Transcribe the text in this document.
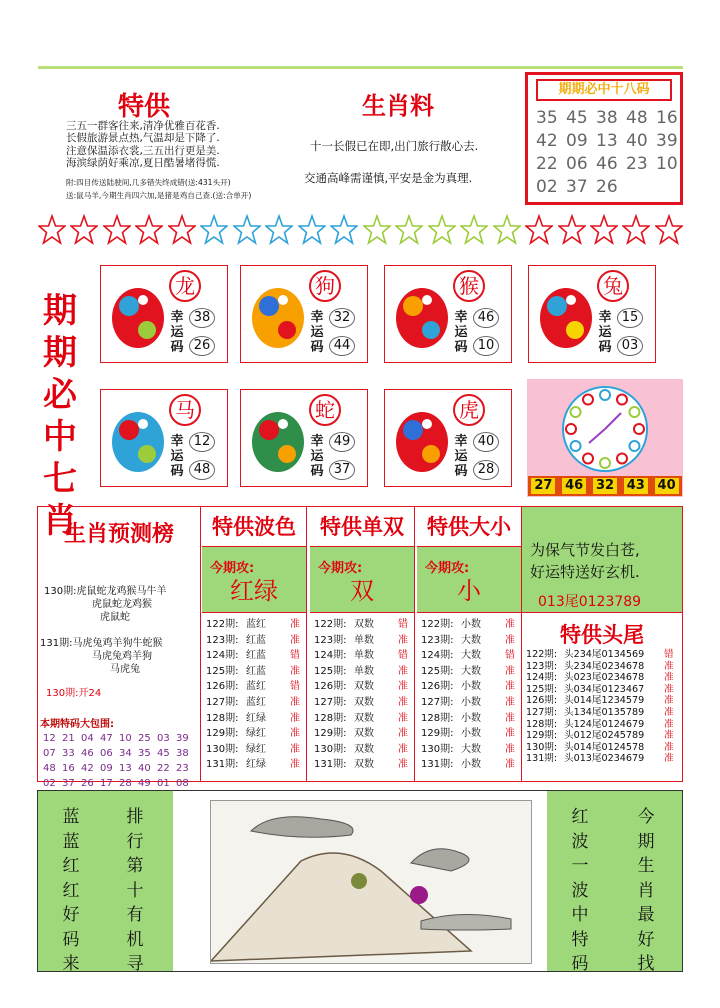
特供
三五一群客往来,清净优雅百花香.
长假旅游景点热,气温却是下降了.
注意保温添衣裳,三五出行更是美.
海滨绿荫好乘凉,夏日酷暑堵得慌.
附:四目传送陆驶间,几多错失终成错(送:431头开)
送:鼠马羊,今期生肖四六加,是猪是鸡自己查.(送:合单开)
生肖料
十一长假已在即,出门旅行散心去.
交通高峰需谨慎,平安是金为真理.
期期必中十八码
35 45 38 48 16
42 09 13 40 39
22 06 46 23 10
02 37 26
期
期
必
中
七
肖
龙
幸
运
码
38
26
狗
幸
运
码
32
44
猴
幸
运
码
46
10
兔
幸
运
码
15
03
马
幸
运
码
12
48
蛇
幸
运
码
49
37
虎
幸
运
码
40
28
27 46 32 43 40
生肖预测榜
130期:虎鼠蛇龙鸡猴马牛羊
虎鼠蛇龙鸡猴
虎鼠蛇
131期:马虎兔鸡羊狗牛蛇猴
马虎兔鸡羊狗
马虎兔
130期:开24
本期特码大包围:
12 21 04 47 10 25 03 39
07 33 46 06 34 35 45 38
48 16 42 09 13 40 22 23
02 37 26 17 28 49 01 08
特供波色
今期攻:
红绿
122期: 蓝红	准
123期: 红蓝	准
124期: 红蓝	错
125期: 红蓝	准
126期: 蓝红	错
127期: 蓝红	准
128期: 红绿	准
129期: 绿红	准
130期: 绿红	准
131期: 红绿	准
特供单双
今期攻:
双
122期: 双数	错
123期: 单数	准
124期: 单数	错
125期: 单数	准
126期: 双数	准
127期: 双数	准
128期: 双数	准
129期: 双数	准
130期: 双数	准
131期: 双数	准
特供大小
今期攻:
小
122期: 小数	准
123期: 大数	准
124期: 大数	错
125期: 大数	准
126期: 小数	准
127期: 小数	准
128期: 小数	准
129期: 小数	准
130期: 大数	准
131期: 小数	准
为保气节发白苍,
好运特送好玄机.
013尾0123789
特供头尾
122期: 头234尾0134569	错
123期: 头234尾0234678	准
124期: 头023尾0234678	准
125期: 头034尾0123467	准
126期: 头014尾1234579	准
127期: 头134尾0135789	准
128期: 头124尾0124679	准
129期: 头012尾0245789	准
130期: 头014尾0124578	准
131期: 头013尾0234679	准
蓝
蓝
红
红
好
码
来
排
行
第
十
有
机
寻
红
波
一
波
中
特
码
今
期
生
肖
最
好
找
